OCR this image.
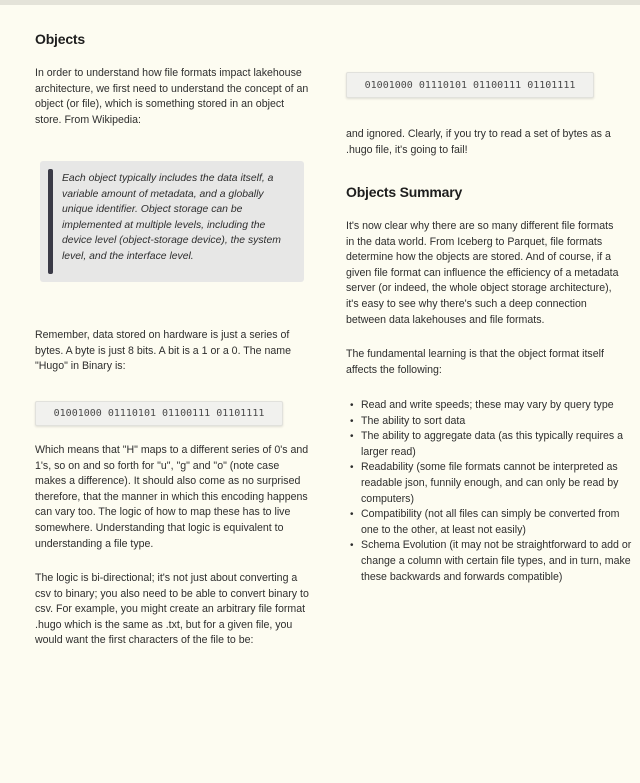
Objects

In order to understand how file formats impact lakehouse architecture, we first need to understand the concept of an object (or file), which is something stored in an object store. From Wikipedia:

Each object typically includes the data itself, a variable amount of metadata, and a globally unique identifier. Object storage can be implemented at multiple levels, including the device level (object-storage device), the system level, and the interface level.

Remember, data stored on hardware is just a series of bytes. A byte is just 8 bits. A bit is a 1 or a 0. The name "Hugo" in Binary is:

01001000 01110101 01100111 01101111

Which means that "H" maps to a different series of 0's and 1's, so on and so forth for "u", "g" and "o" (note case makes a difference). It should also come as no surprised therefore, that the manner in which this encoding happens can vary too. The logic of how to map these has to live somewhere. Understanding that logic is equivalent to understanding a file type.

The logic is bi-directional; it's not just about converting a csv to binary; you also need to be able to convert binary to csv. For example, you might create an arbitrary file format .hugo which is the same as .txt, but for a given file, you would want the first characters of the file to be:

01001000 01110101 01100111 01101111

and ignored. Clearly, if you try to read a set of bytes as a .hugo file, it's going to fail!

Objects Summary

It's now clear why there are so many different file formats in the data world. From Iceberg to Parquet, file formats determine how the objects are stored. And of course, if a given file format can influence the efficiency of a metadata server (or indeed, the whole object storage architecture), it's easy to see why there's such a deep connection between data lakehouses and file formats.

The fundamental learning is that the object format itself affects the following:

• Read and write speeds; these may vary by query type
• The ability to sort data
• The ability to aggregate data (as this typically requires a larger read)
• Readability (some file formats cannot be interpreted as readable json, funnily enough, and can only be read by computers)
• Compatibility (not all files can simply be converted from one to the other, at least not easily)
• Schema Evolution (it may not be straightforward to add or change a column with certain file types, and in turn, make these backwards and forwards compatible)
